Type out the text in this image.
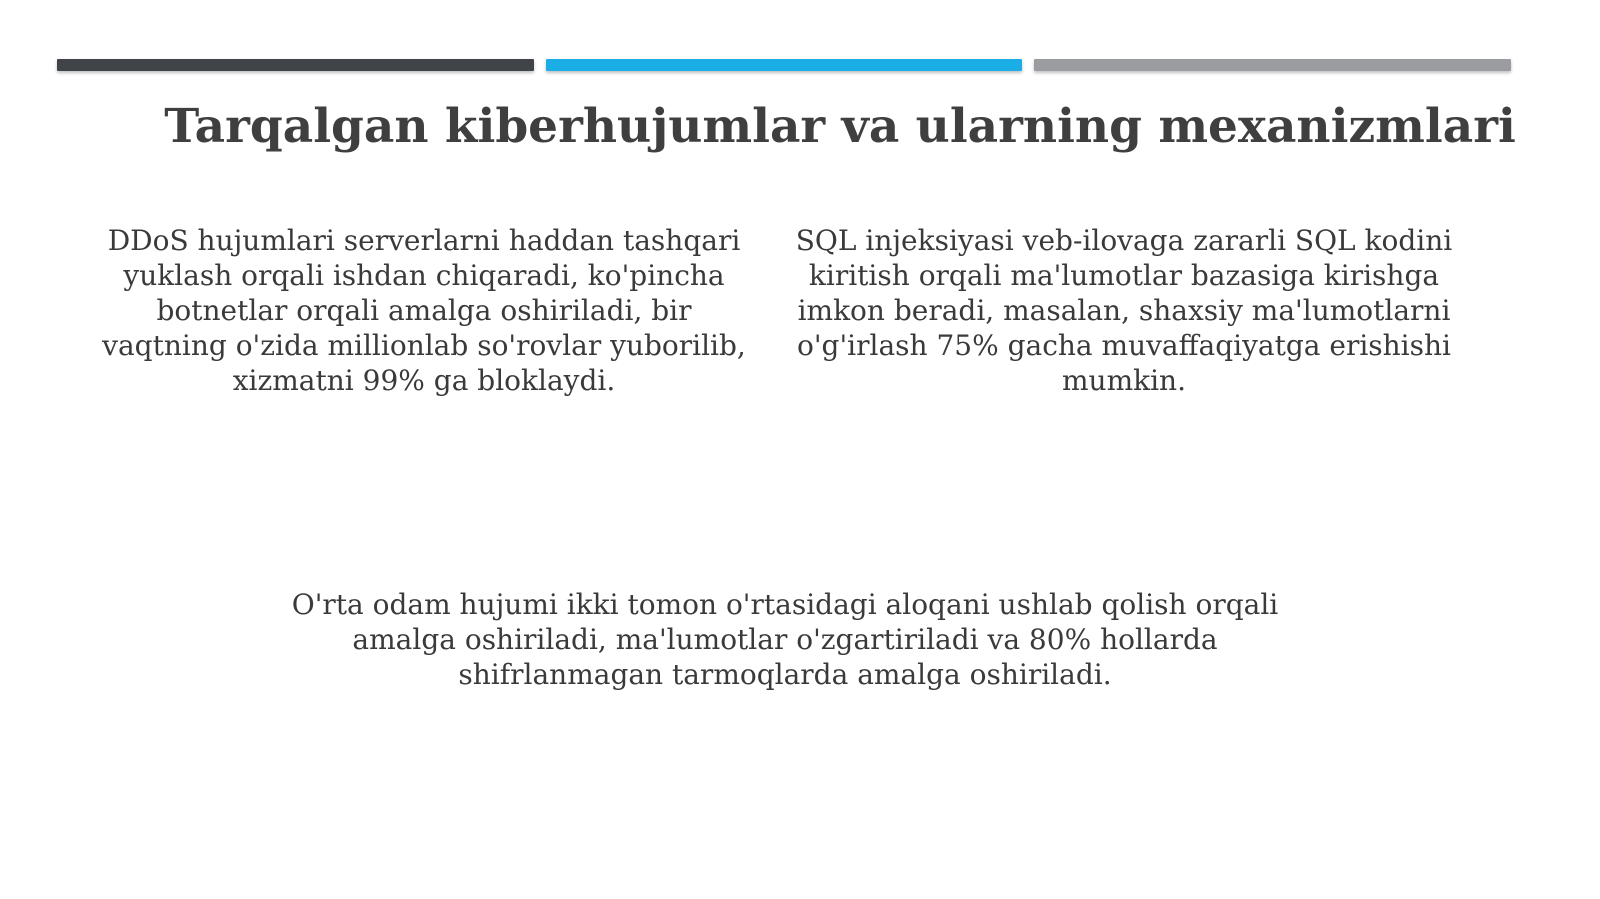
Tarqalgan kiberhujumlar va ularning mexanizmlari
DDoS hujumlari serverlarni haddan tashqari yuklash orqali ishdan chiqaradi, ko'pincha botnetlar orqali amalga oshiriladi, bir vaqtning o'zida millionlab so'rovlar yuborilib, xizmatni 99% ga bloklaydi.
SQL injeksiyasi veb-ilovaga zararli SQL kodini kiritish orqali ma'lumotlar bazasiga kirishga imkon beradi, masalan, shaxsiy ma'lumotlarni o'g'irlash 75% gacha muvaffaqiyatga erishishi mumkin.
O'rta odam hujumi ikki tomon o'rtasidagi aloqani ushlab qolish orqali amalga oshiriladi, ma'lumotlar o'zgartiriladi va 80% hollarda shifrlanmagan tarmoqlarda amalga oshiriladi.
